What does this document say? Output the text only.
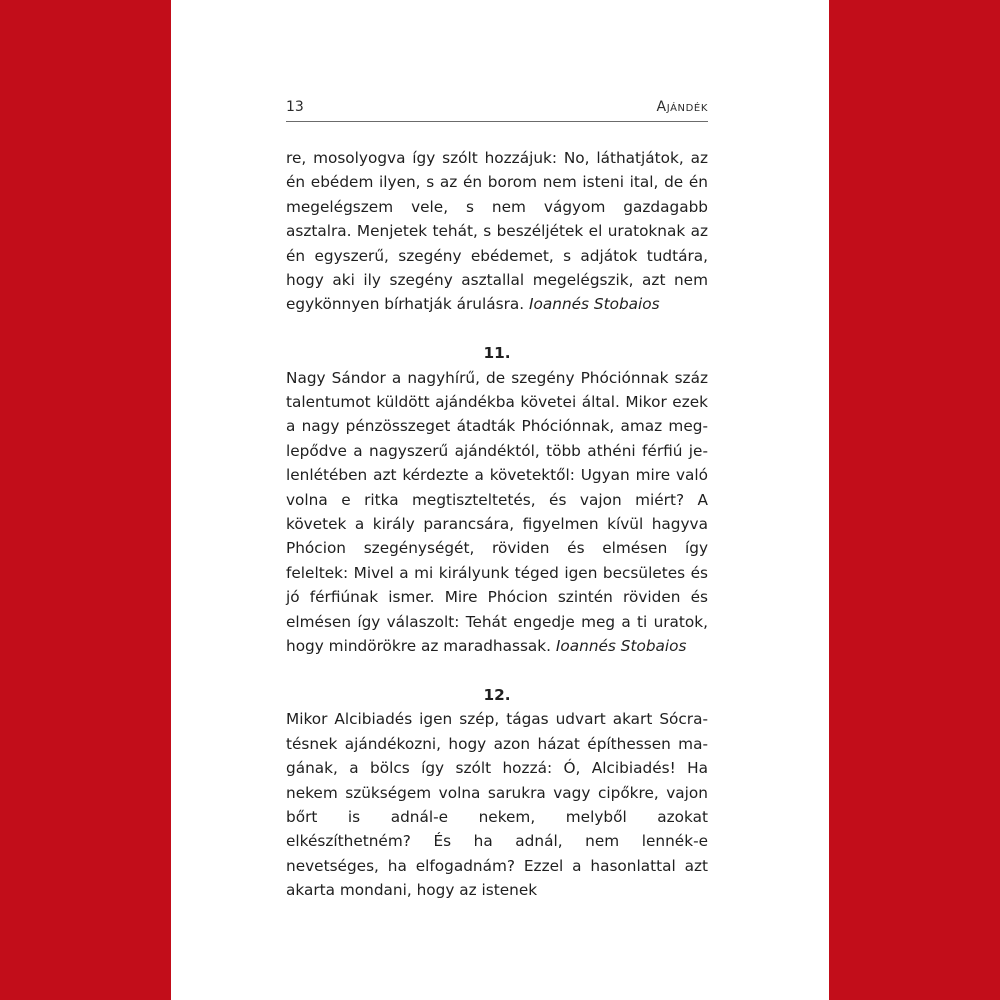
13	Ajándék

re, mosolyogva így szólt hozzájuk: No, láthatjátok, az én ebédem ilyen, s az én borom nem isteni ital, de én megelégszem vele, s nem vágyom gazdagabb asztalra. Menjetek tehát, s beszéljétek el uratoknak az én egyszerű, szegény ebédemet, s adjátok tudtára, hogy aki ily szegény asztallal megelégszik, azt nem egykönnyen bírhatják árulásra. Ioannés Stobaios

11.

Nagy Sándor a nagyhírű, de szegény Phóciónnak száz talentumot küldött ajándékba követei által. Mikor ezek a nagy pénzösszeget átadták Phóciónnak, amaz meglepődve a nagyszerű ajándéktól, több athéni férfiú jelenlétében azt kérdezte a követektől: Ugyan mire való volna e ritka megtiszteltetés, és vajon miért? A követek a király parancsára, figyelmen kívül hagyva Phócion szegénységét, röviden és elmésen így feleltek: Mivel a mi királyunk téged igen becsületes és jó férfiúnak ismer. Mire Phócion szintén röviden és elmésen így válaszolt: Tehát engedje meg a ti uratok, hogy mindörökre az maradhassak. Ioannés Stobaios

12.

Mikor Alcibiadés igen szép, tágas udvart akart Sócratésnek ajándékozni, hogy azon házat építhessen magának, a bölcs így szólt hozzá: Ó, Alcibiadés! Ha nekem szükségem volna sarukra vagy cipőkre, vajon bőrt is adnál-e nekem, melyből azokat elkészíthetném? És ha adnál, nem lennék-e nevetséges, ha elfogadnám? Ezzel a hasonlattal azt akarta mondani, hogy az istenek
